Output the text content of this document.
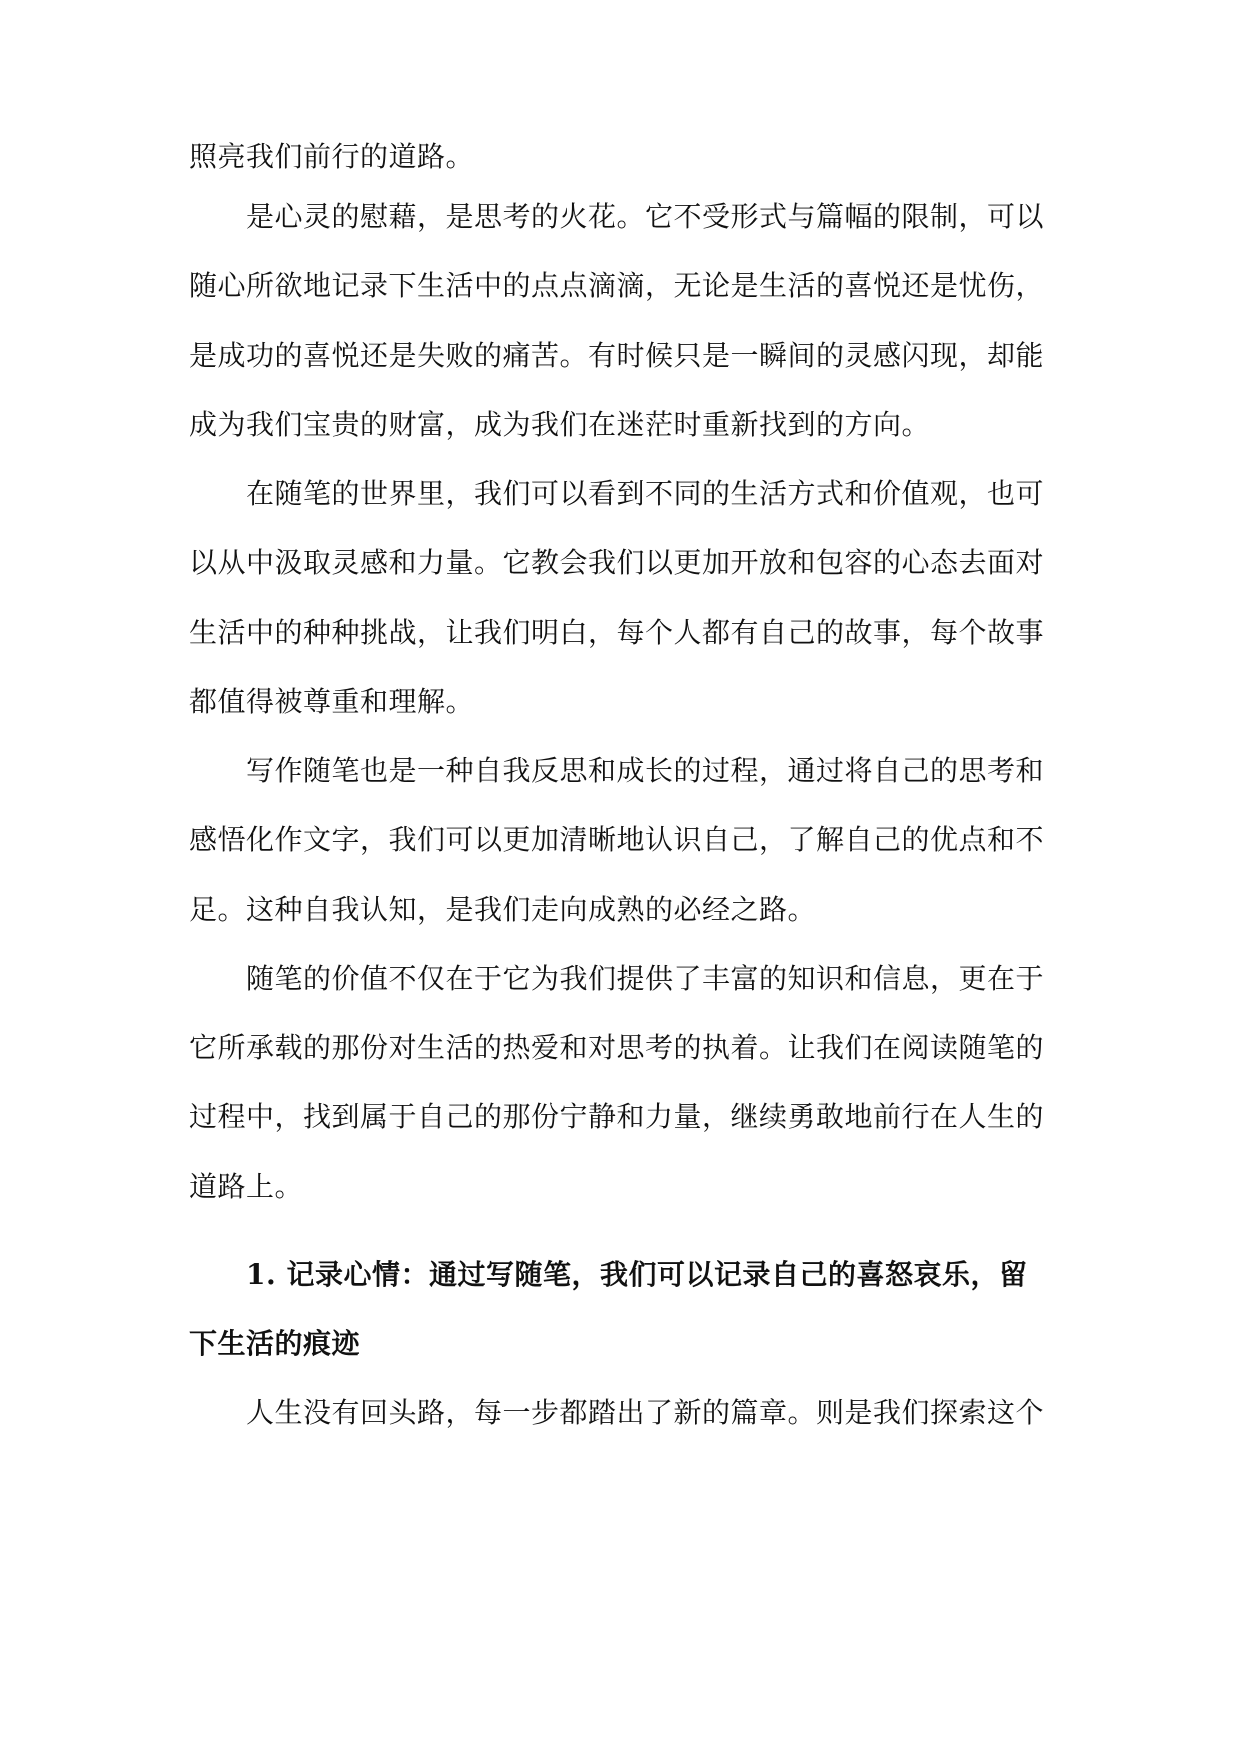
照亮我们前行的道路。
是心灵的慰藉，是思考的火花。它不受形式与篇幅的限制，可以
随心所欲地记录下生活中的点点滴滴，无论是生活的喜悦还是忧伤，
是成功的喜悦还是失败的痛苦。有时候只是一瞬间的灵感闪现，却能
成为我们宝贵的财富，成为我们在迷茫时重新找到的方向。
在随笔的世界里，我们可以看到不同的生活方式和价值观，也可
以从中汲取灵感和力量。它教会我们以更加开放和包容的心态去面对
生活中的种种挑战，让我们明白，每个人都有自己的故事，每个故事
都值得被尊重和理解。
写作随笔也是一种自我反思和成长的过程，通过将自己的思考和
感悟化作文字，我们可以更加清晰地认识自己，了解自己的优点和不
足。这种自我认知，是我们走向成熟的必经之路。
随笔的价值不仅在于它为我们提供了丰富的知识和信息，更在于
它所承载的那份对生活的热爱和对思考的执着。让我们在阅读随笔的
过程中，找到属于自己的那份宁静和力量，继续勇敢地前行在人生的
道路上。
1. 记录心情：通过写随笔，我们可以记录自己的喜怒哀乐，留
下生活的痕迹
人生没有回头路，每一步都踏出了新的篇章。则是我们探索这个
